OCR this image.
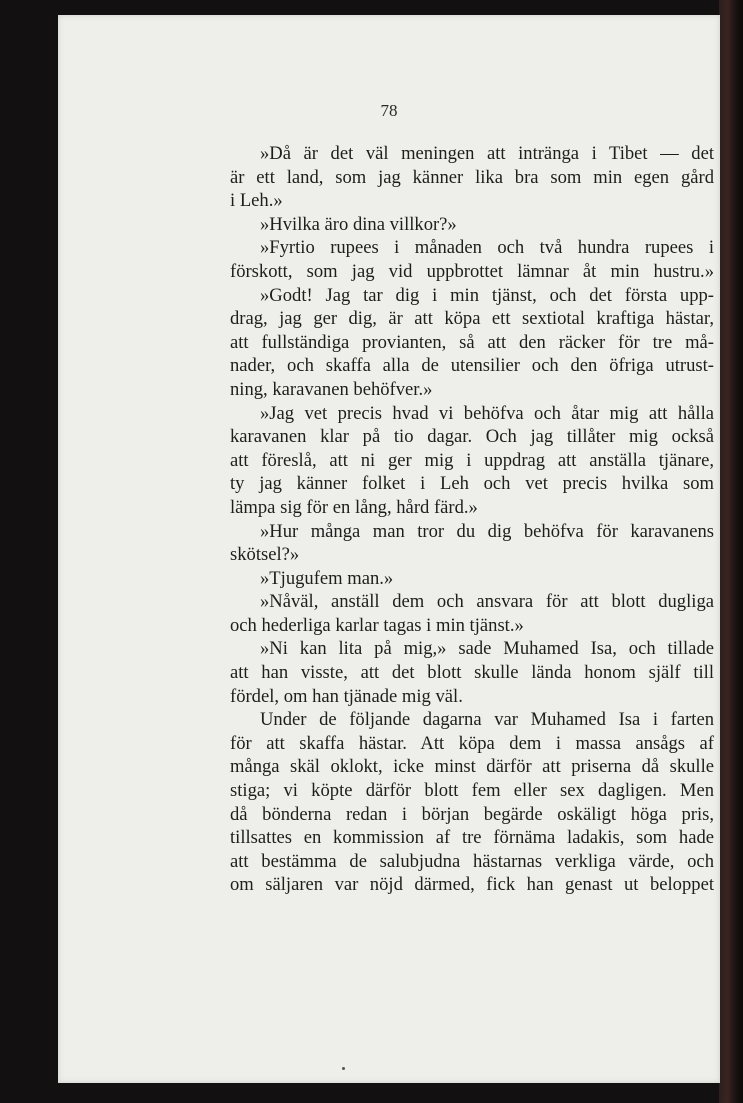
78
»Då är det väl meningen att intränga i Tibet — det
är ett land, som jag känner lika bra som min egen gård
i Leh.»
»Hvilka äro dina villkor?»
»Fyrtio rupees i månaden och två hundra rupees i
förskott, som jag vid uppbrottet lämnar åt min hustru.»
»Godt! Jag tar dig i min tjänst, och det första upp-
drag, jag ger dig, är att köpa ett sextiotal kraftiga hästar,
att fullständiga provianten, så att den räcker för tre må-
nader, och skaffa alla de utensilier och den öfriga utrust-
ning, karavanen behöfver.»
»Jag vet precis hvad vi behöfva och åtar mig att hålla
karavanen klar på tio dagar. Och jag tillåter mig också
att föreslå, att ni ger mig i uppdrag att anställa tjänare,
ty jag känner folket i Leh och vet precis hvilka som
lämpa sig för en lång, hård färd.»
»Hur många man tror du dig behöfva för karavanens
skötsel?»
»Tjugufem man.»
»Nåväl, anställ dem och ansvara för att blott dugliga
och hederliga karlar tagas i min tjänst.»
»Ni kan lita på mig,» sade Muhamed Isa, och tillade
att han visste, att det blott skulle lända honom själf till
fördel, om han tjänade mig väl.
Under de följande dagarna var Muhamed Isa i farten
för att skaffa hästar. Att köpa dem i massa ansågs af
många skäl oklokt, icke minst därför att priserna då skulle
stiga; vi köpte därför blott fem eller sex dagligen. Men
då bönderna redan i början begärde oskäligt höga pris,
tillsattes en kommission af tre förnäma ladakis, som hade
att bestämma de salubjudna hästarnas verkliga värde, och
om säljaren var nöjd därmed, fick han genast ut beloppet
